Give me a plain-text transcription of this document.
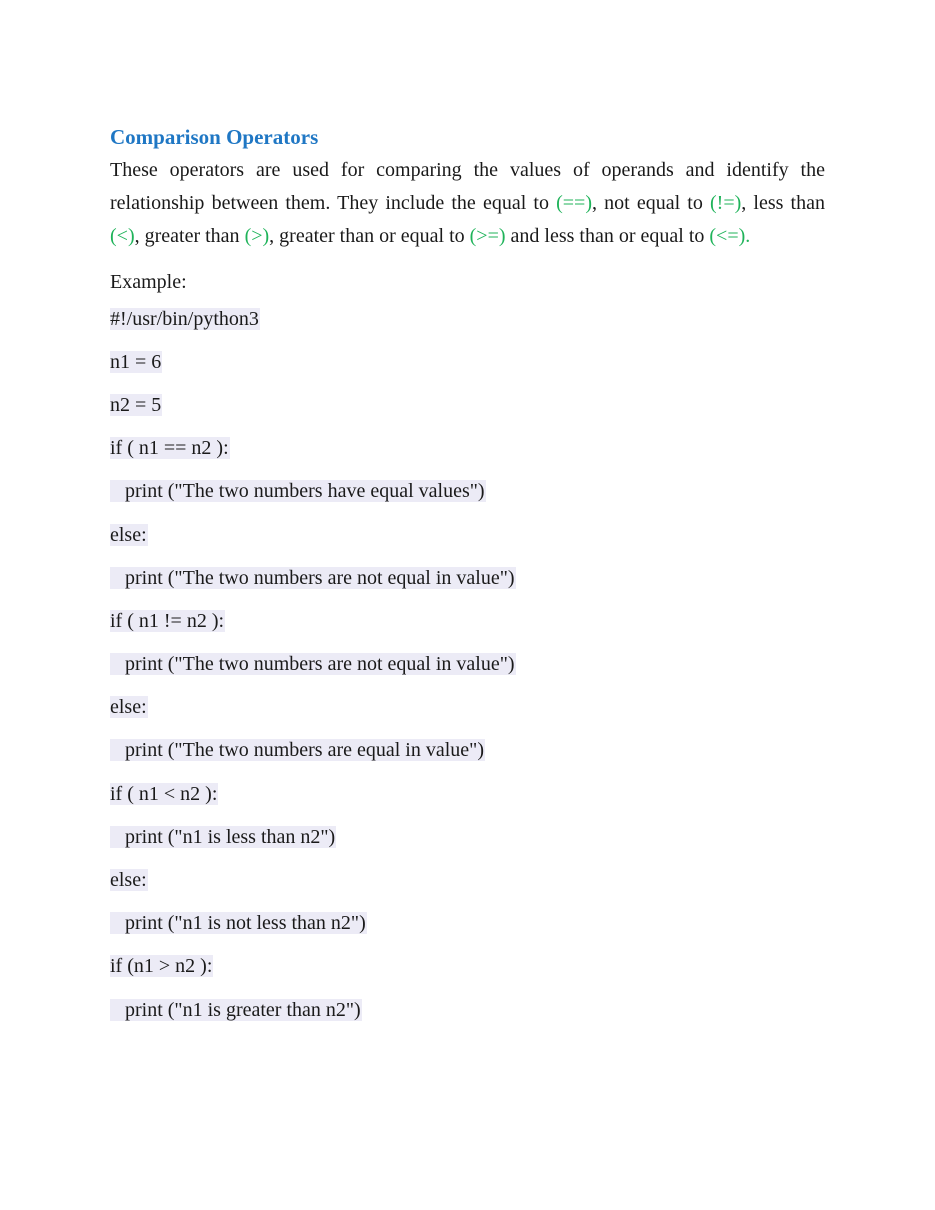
Comparison Operators

These operators are used for comparing the values of operands and identify the relationship between them. They include the equal to (==), not equal to (!=), less than (<), greater than (>), greater than or equal to (>=) and less than or equal to (<=).

Example:

#!/usr/bin/python3
n1 = 6
n2 = 5
if ( n1 == n2 ):
print ("The two numbers have equal values")
else:
print ("The two numbers are not equal in value")
if ( n1 != n2 ):
print ("The two numbers are not equal in value")
else:
print ("The two numbers are equal in value")
if ( n1 < n2 ):
print ("n1 is less than n2")
else:
print ("n1 is not less than n2")
if (n1 > n2 ):
print ("n1 is greater than n2")
